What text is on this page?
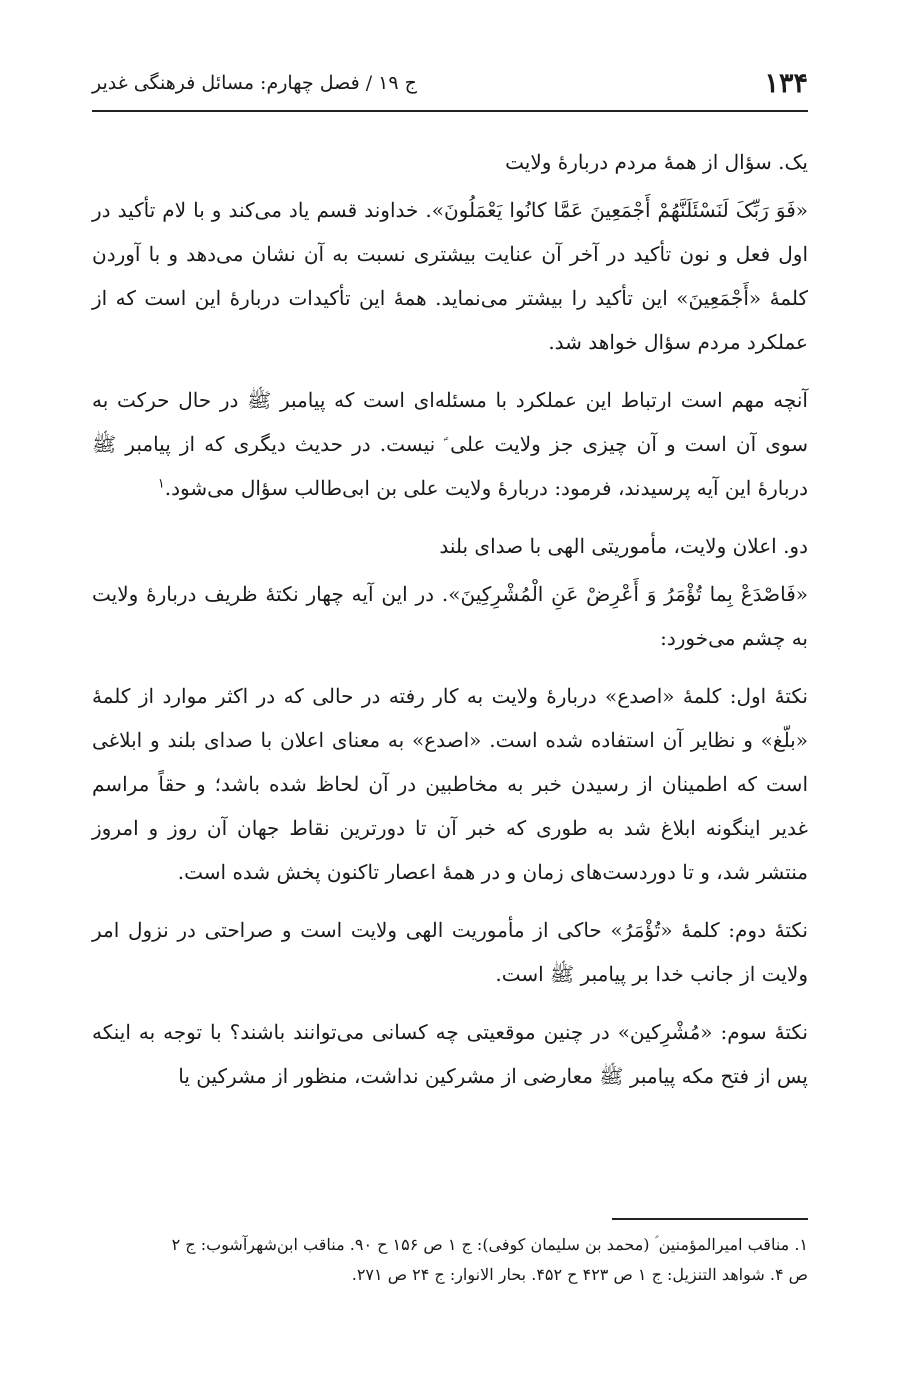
۱۳۴
ج ۱۹ / فصل چهارم: مسائل فرهنگی غدیر

یک. سؤال از همهٔ مردم دربارهٔ ولایت

«فَوَ رَبِّکَ لَنَسْئَلَنَّهُمْ أَجْمَعِینَ عَمَّا کانُوا یَعْمَلُونَ». خداوند قسم یاد می‌کند و با لام تأکید در اول فعل و نون تأکید در آخر آن عنایت بیشتری نسبت به آن نشان می‌دهد و با آوردن کلمهٔ «أَجْمَعِینَ» این تأکید را بیشتر می‌نماید. همهٔ این تأکیدات دربارهٔ این است که از عملکرد مردم سؤال خواهد شد.

آنچه مهم است ارتباط این عملکرد با مسئله‌ای است که پیامبر ﷺ در حال حرکت به سوی آن است و آن چیزی جز ولایت علی ؑ نیست. در حدیث دیگری که از پیامبر ﷺ دربارهٔ این آیه پرسیدند، فرمود: دربارهٔ ولایت علی بن ابی‌طالب سؤال می‌شود.$^۱$

دو. اعلان ولایت، مأموریتی الهی با صدای بلند

«فَاصْدَعْ بِما تُؤْمَرُ وَ أَعْرِضْ عَنِ الْمُشْرِکِینَ». در این آیه چهار نکتهٔ ظریف دربارهٔ ولایت به چشم می‌خورد:

نکتهٔ اول: کلمهٔ «اصدع» دربارهٔ ولایت به کار رفته در حالی که در اکثر موارد از کلمهٔ «بلّغ» و نظایر آن استفاده شده است. «اصدع» به معنای اعلان با صدای بلند و ابلاغی است که اطمینان از رسیدن خبر به مخاطبین در آن لحاظ شده باشد؛ و حقاً مراسم غدیر اینگونه ابلاغ شد به طوری که خبر آن تا دورترین نقاط جهان آن روز و امروز منتشر شد، و تا دوردست‌های زمان و در همهٔ اعصار تاکنون پخش شده است.

نکتهٔ دوم: کلمهٔ «تُؤْمَرُ» حاکی از مأموریت الهی ولایت است و صراحتی در نزول امر ولایت از جانب خدا بر پیامبر ﷺ است.

نکتهٔ سوم: «مُشْرِکین» در چنین موقعیتی چه کسانی می‌توانند باشند؟ با توجه به اینکه پس از فتح مکه پیامبر ﷺ معارضی از مشرکین نداشت، منظور از مشرکین یا

۱. مناقب امیرالمؤمنین ؑ (محمد بن سلیمان کوفی): ج ۱ ص ۱۵۶ ح ۹۰. مناقب ابن‌شهرآشوب: ج ۲

ص ۴. شواهد التنزیل: ج ۱ ص ۴۲۳ ح ۴۵۲. بحار الانوار: ج ۲۴ ص ۲۷۱.
